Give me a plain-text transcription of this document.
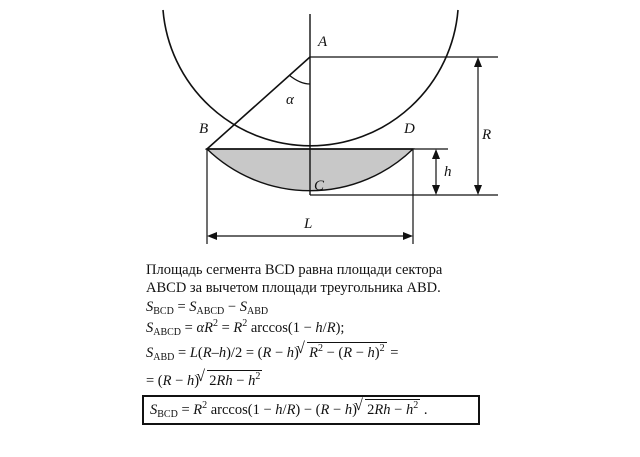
A
B
C
D
α
R
h
L
Площадь сегмента BCD равна площади сектора
ABCD за вычетом площади треугольника ABD.
$S_{BCD} = S_{ABCD} - S_{ABD}$
$S_{ABCD} = \alpha R^2 = R^2$ arccos(1 − h/R);
$S_{ABD} = L(R-h)/2 = (R - h)$  √ $R^2 - (R - h)^2$ =
= (R − h)  √ $2Rh - h^2$
$S_{BCD} = R^2$ arccos(1 − h/R) − (R − h)  √ $2Rh - h^2$ .
